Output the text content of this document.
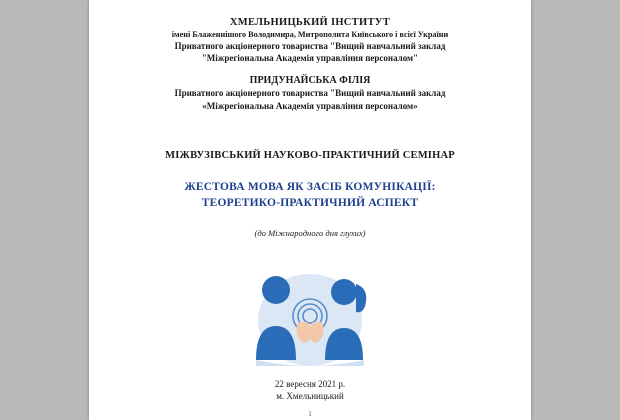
ХМЕЛЬНИЦЬКИЙ ІНСТИТУТ
імені Блаженнішого Володимира, Митрополита Київського і всієї України
Приватного акціонерного товариства "Вищий навчальний заклад
"Міжрегіональна Академія управління персоналом"
ПРИДУНАЙСЬКА ФІЛІЯ
Приватного акціонерного товариства "Вищий навчальний заклад
«Міжрегіональна Академія управління персоналом»
МІЖВУЗІВСЬКИЙ НАУКОВО-ПРАКТИЧНИЙ СЕМІНАР
ЖЕСТОВА МОВА ЯК ЗАСІБ КОМУНІКАЦІЇ:
ТЕОРЕТИКО-ПРАКТИЧНИЙ АСПЕКТ
(до Міжнародного дня глухих)
22 вересня 2021 р.
м. Хмельницький
1
